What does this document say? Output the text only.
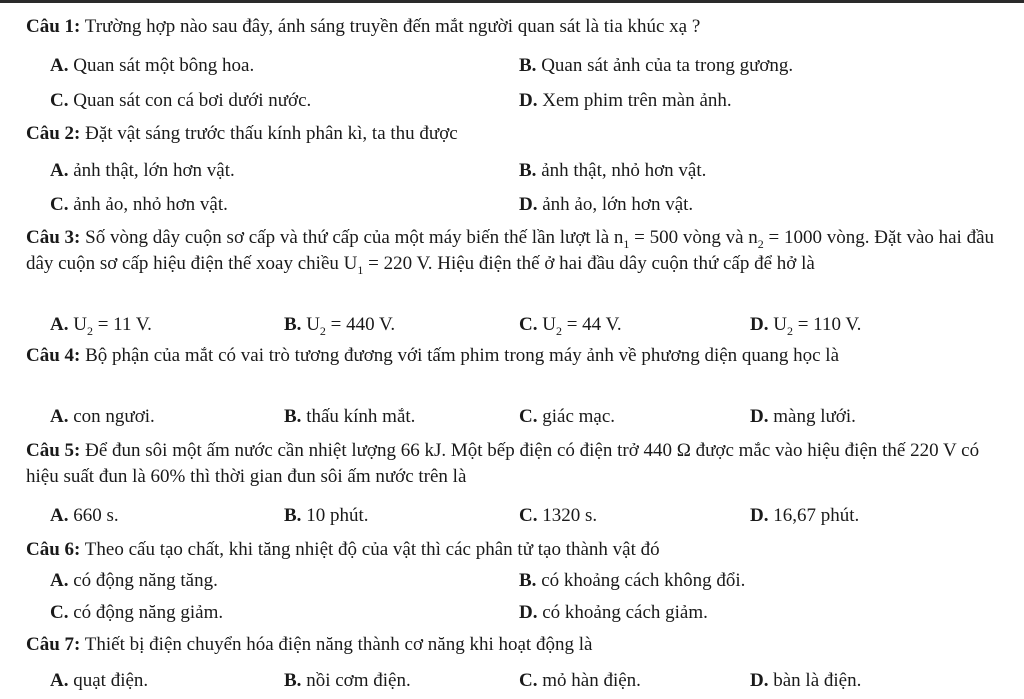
Câu 1: Trường hợp nào sau đây, ánh sáng truyền đến mắt người quan sát là tia khúc xạ ?
A. Quan sát một bông hoa.	B. Quan sát ảnh của ta trong gương.
C. Quan sát con cá bơi dưới nước.	D. Xem phim trên màn ảnh.
Câu 2: Đặt vật sáng trước thấu kính phân kì, ta thu được
A. ảnh thật, lớn hơn vật.	B. ảnh thật, nhỏ hơn vật.
C. ảnh ảo, nhỏ hơn vật.	D. ảnh ảo, lớn hơn vật.
Câu 3: Số vòng dây cuộn sơ cấp và thứ cấp của một máy biến thế lần lượt là $n_1 = 500$ vòng và $n_2 = 1000$ vòng. Đặt vào hai đầu dây cuộn sơ cấp hiệu điện thế xoay chiều $U_1 = 220$ V. Hiệu điện thế ở hai đầu dây cuộn thứ cấp để hở là
A. $U_2 = 11$ V.	B. $U_2 = 440$ V.	C. $U_2 = 44$ V.	D. $U_2 = 110$ V.
Câu 4: Bộ phận của mắt có vai trò tương đương với tấm phim trong máy ảnh về phương diện quang học là
A. con ngươi.	B. thấu kính mắt.	C. giác mạc.	D. màng lưới.
Câu 5: Để đun sôi một ấm nước cần nhiệt lượng 66 kJ. Một bếp điện có điện trở 440 Ω được mắc vào hiệu điện thế 220 V có hiệu suất đun là 60% thì thời gian đun sôi ấm nước trên là
A. 660 s.	B. 10 phút.	C. 1320 s.	D. 16,67 phút.
Câu 6: Theo cấu tạo chất, khi tăng nhiệt độ của vật thì các phân tử tạo thành vật đó
A. có động năng tăng.	B. có khoảng cách không đổi.
C. có động năng giảm.	D. có khoảng cách giảm.
Câu 7: Thiết bị điện chuyển hóa điện năng thành cơ năng khi hoạt động là
A. quạt điện.	B. nồi cơm điện.	C. mỏ hàn điện.	D. bàn là điện.
